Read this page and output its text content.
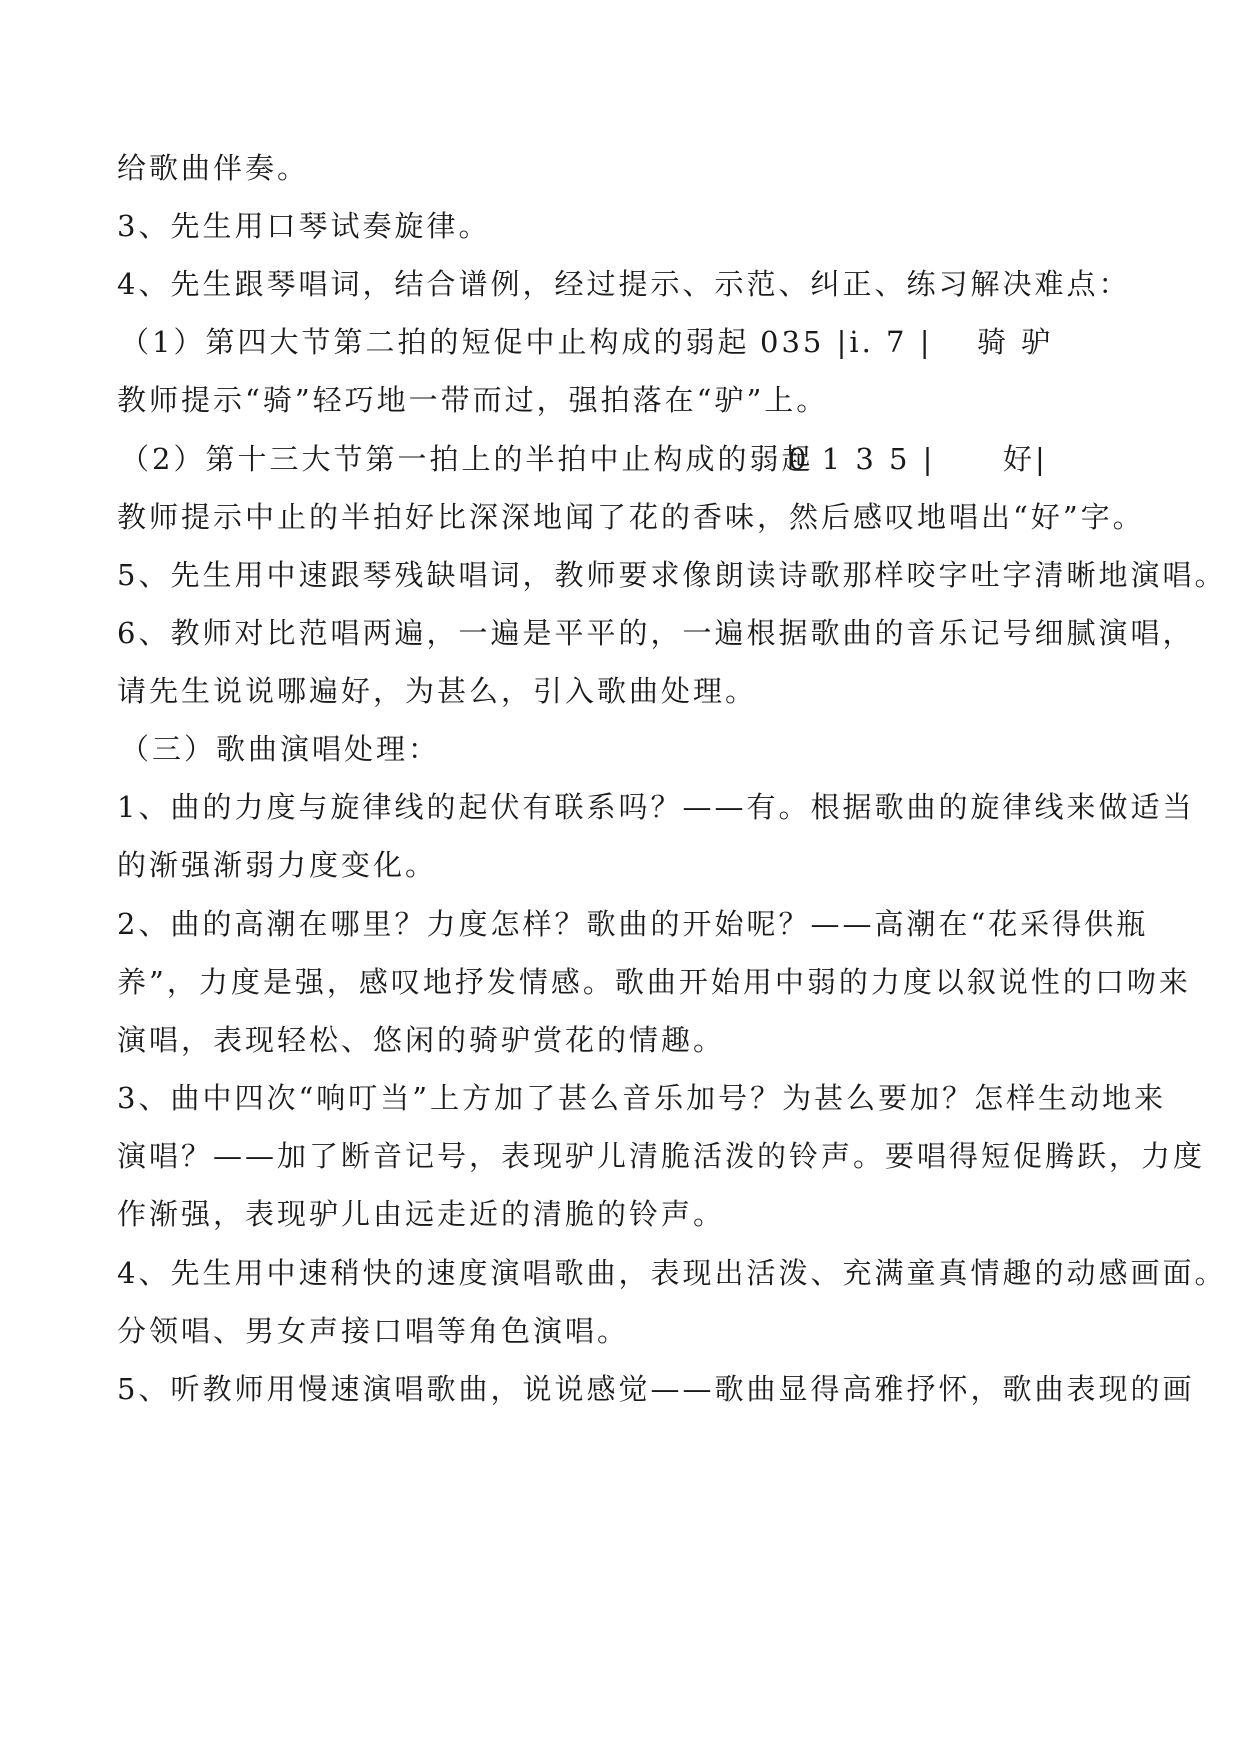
给歌曲伴奏。
3、先生用口琴试奏旋律。
4、先生跟琴唱词，结合谱例，经过提示、示范、纠正、练习解决难点：
（1）第四大节第二拍的短促中止构成的弱起 035 |i. 7 | 骑 驴
教师提示“骑”轻巧地一带而过，强拍落在“驴”上。
（2）第十三大节第一拍上的半拍中止构成的弱起
0 1 3 5 | 好|
教师提示中止的半拍好比深深地闻了花的香味，然后感叹地唱出“好”字。
5、先生用中速跟琴残缺唱词，教师要求像朗读诗歌那样咬字吐字清晰地演唱。
6、教师对比范唱两遍，一遍是平平的，一遍根据歌曲的音乐记号细腻演唱，
请先生说说哪遍好，为甚么，引入歌曲处理。
（三）歌曲演唱处理：
1、曲的力度与旋律线的起伏有联系吗？——有。根据歌曲的旋律线来做适当
的渐强渐弱力度变化。
2、曲的高潮在哪里？力度怎样？歌曲的开始呢？——高潮在“花采得供瓶
养”，力度是强，感叹地抒发情感。歌曲开始用中弱的力度以叙说性的口吻来
演唱，表现轻松、悠闲的骑驴赏花的情趣。
3、曲中四次“响叮当”上方加了甚么音乐加号？为甚么要加？怎样生动地来
演唱？——加了断音记号，表现驴儿清脆活泼的铃声。要唱得短促腾跃，力度
作渐强，表现驴儿由远走近的清脆的铃声。
4、先生用中速稍快的速度演唱歌曲，表现出活泼、充满童真情趣的动感画面。
分领唱、男女声接口唱等角色演唱。
5、听教师用慢速演唱歌曲，说说感觉——歌曲显得高雅抒怀，歌曲表现的画
